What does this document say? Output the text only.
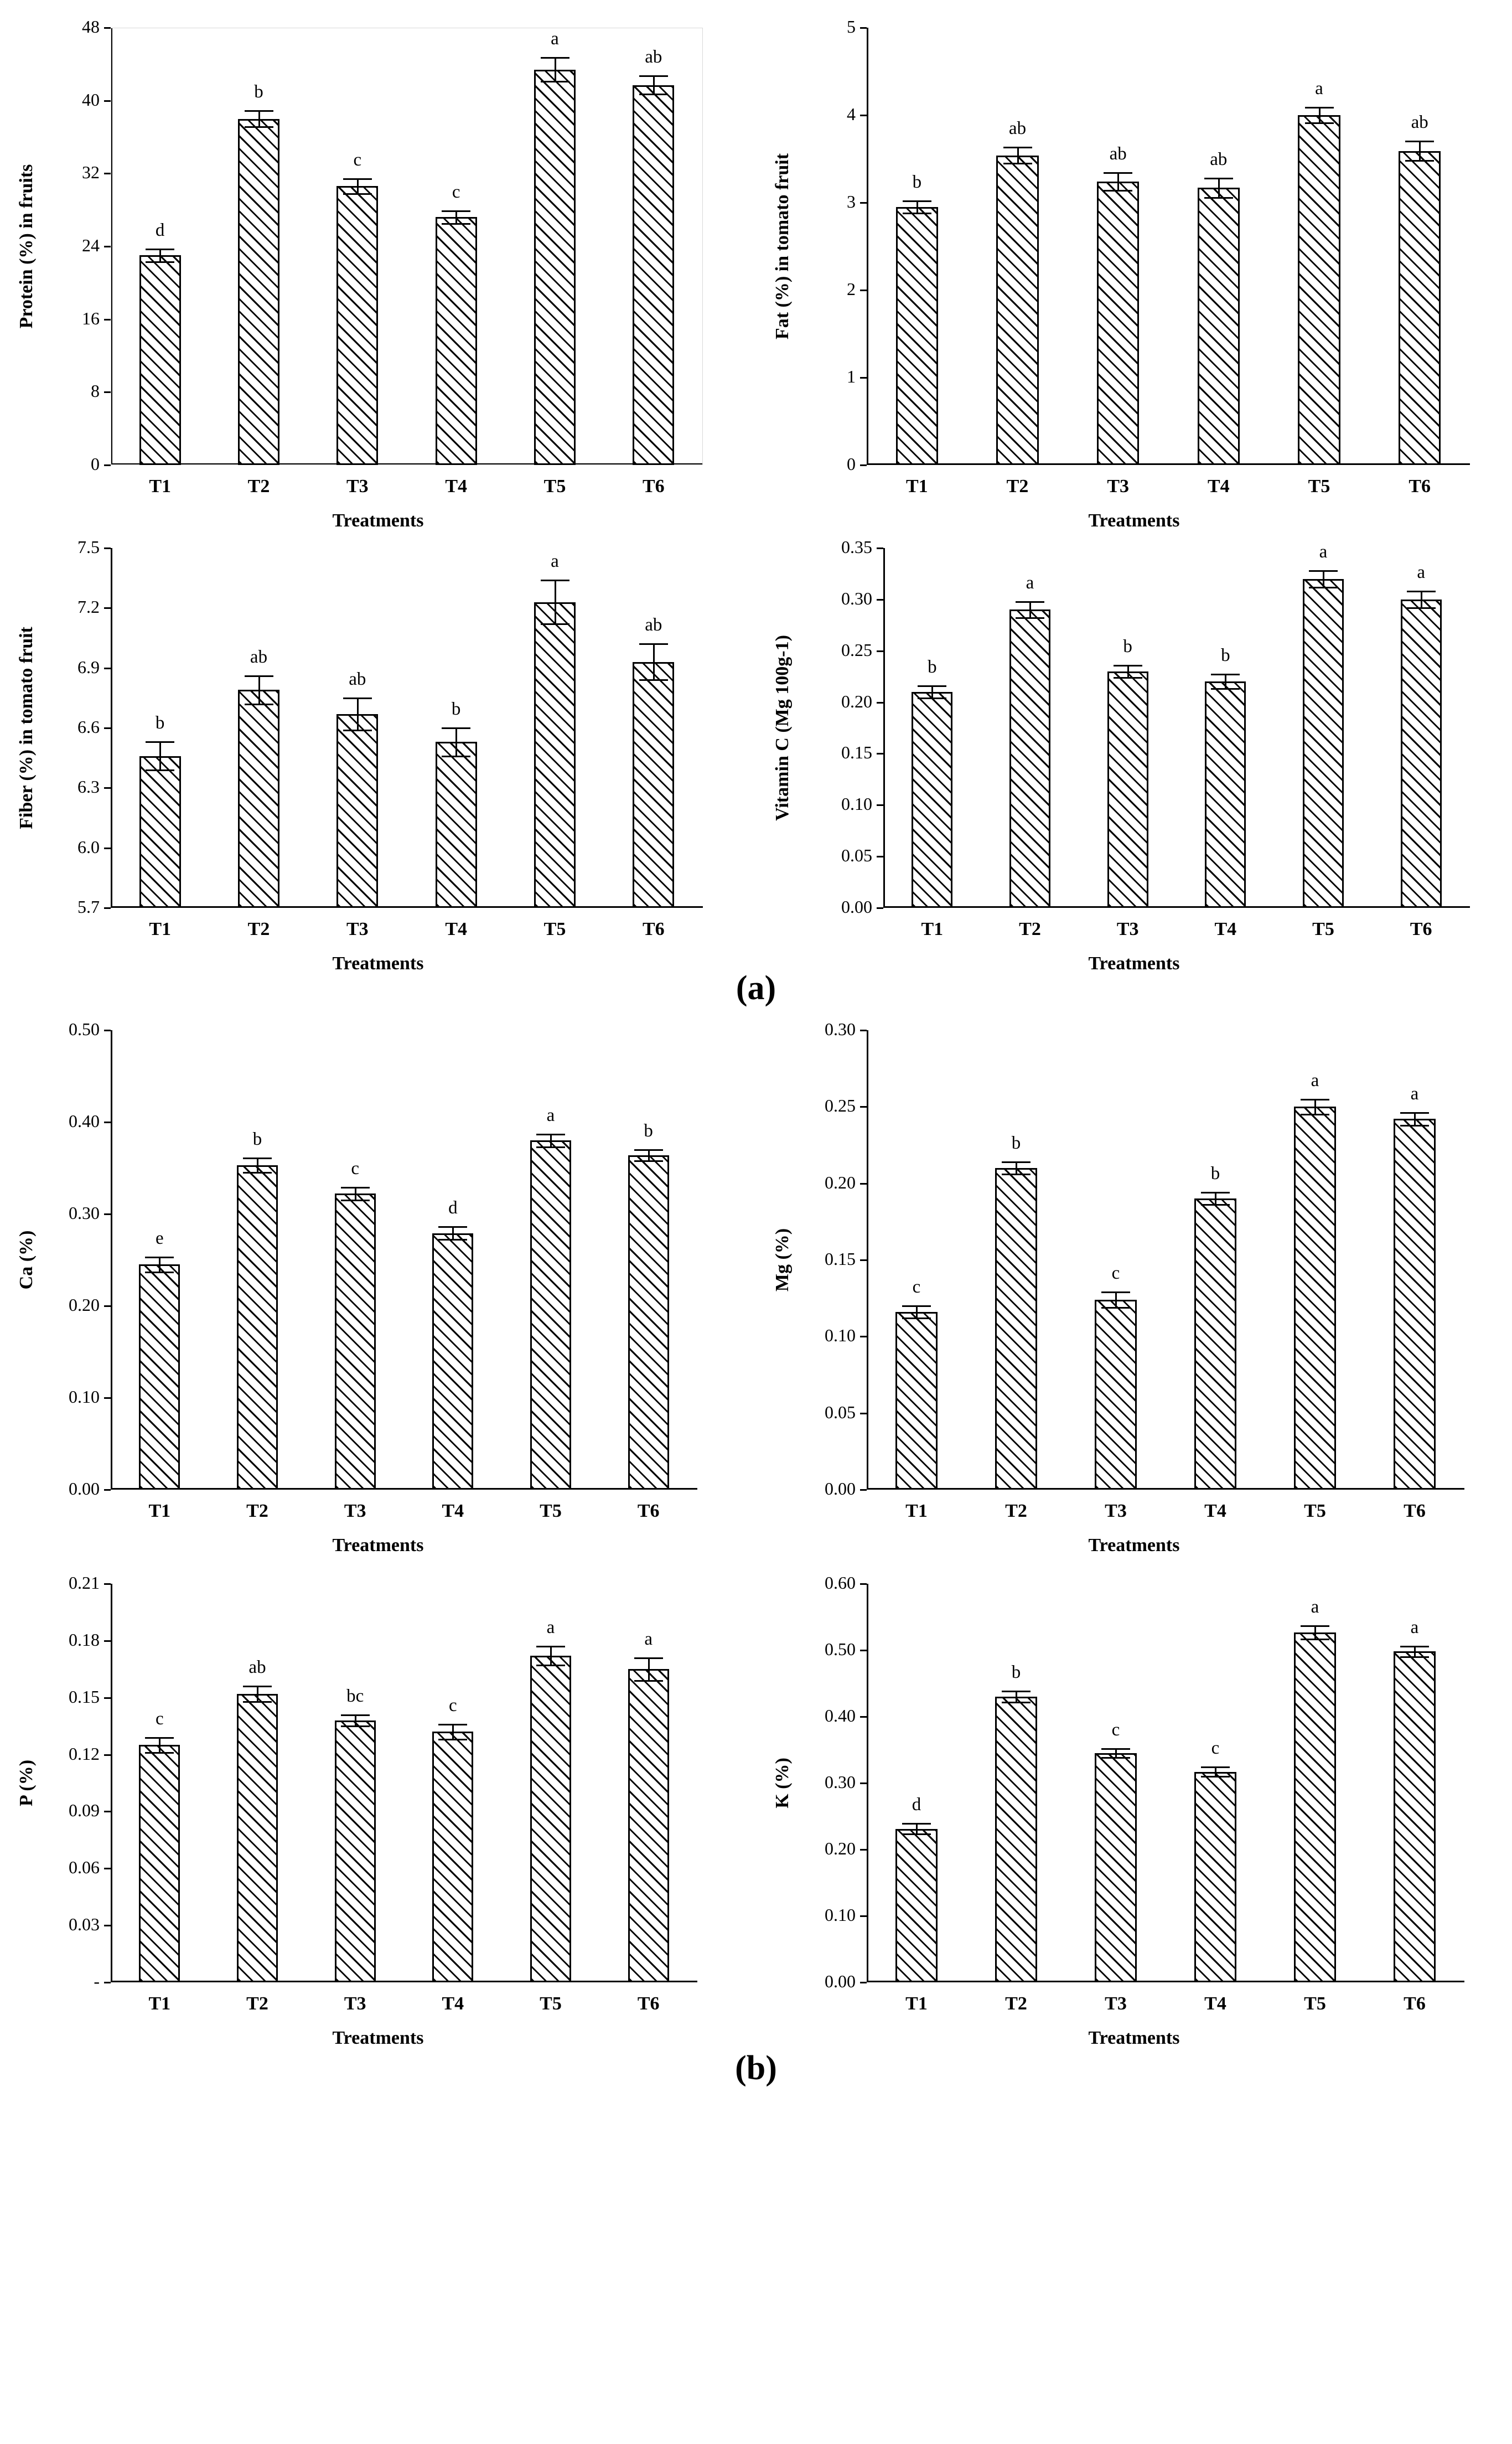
0
8
16
24
32
40
48
Protein (%) in fruits	d
T1
b
T2
c
T3
c
T4
a
T5
ab
T6
Treatments
0
1
2
3
4
5
Fat (%) in tomato fruit	b
T1
ab
T2
ab
T3
ab
T4
a
T5
ab
T6
Treatments
5.7
6.0
6.3
6.6
6.9
7.2
7.5
Fiber (%) in tomato fruit	b
T1
ab
T2
ab
T3
b
T4
a
T5
ab
T6
Treatments
0.00
0.05
0.10
0.15
0.20
0.25
0.30
0.35
Vitamin C (Mg 100g-1)	b
T1
a
T2
b
T3
b
T4
a
T5
a
T6
Treatments
(a)
0.00
0.10
0.20
0.30
0.40
0.50
Ca (%)	e
T1
b
T2
c
T3
d
T4
a
T5
b
T6
Treatments
0.00
0.05
0.10
0.15
0.20
0.25
0.30
Mg (%)	c
T1
b
T2
c
T3
b
T4
a
T5
a
T6
Treatments
-
0.03
0.06
0.09
0.12
0.15
0.18
0.21
P (%)
c
T1
ab
T2
bc
T3
c
T4
a
T5
a
T6
Treatments
0.00
0.10
0.20
0.30
0.40
0.50
0.60
K (%)	d
T1
b
T2
c
T3
c
T4
a
T5
a
T6
Treatments
(b)
